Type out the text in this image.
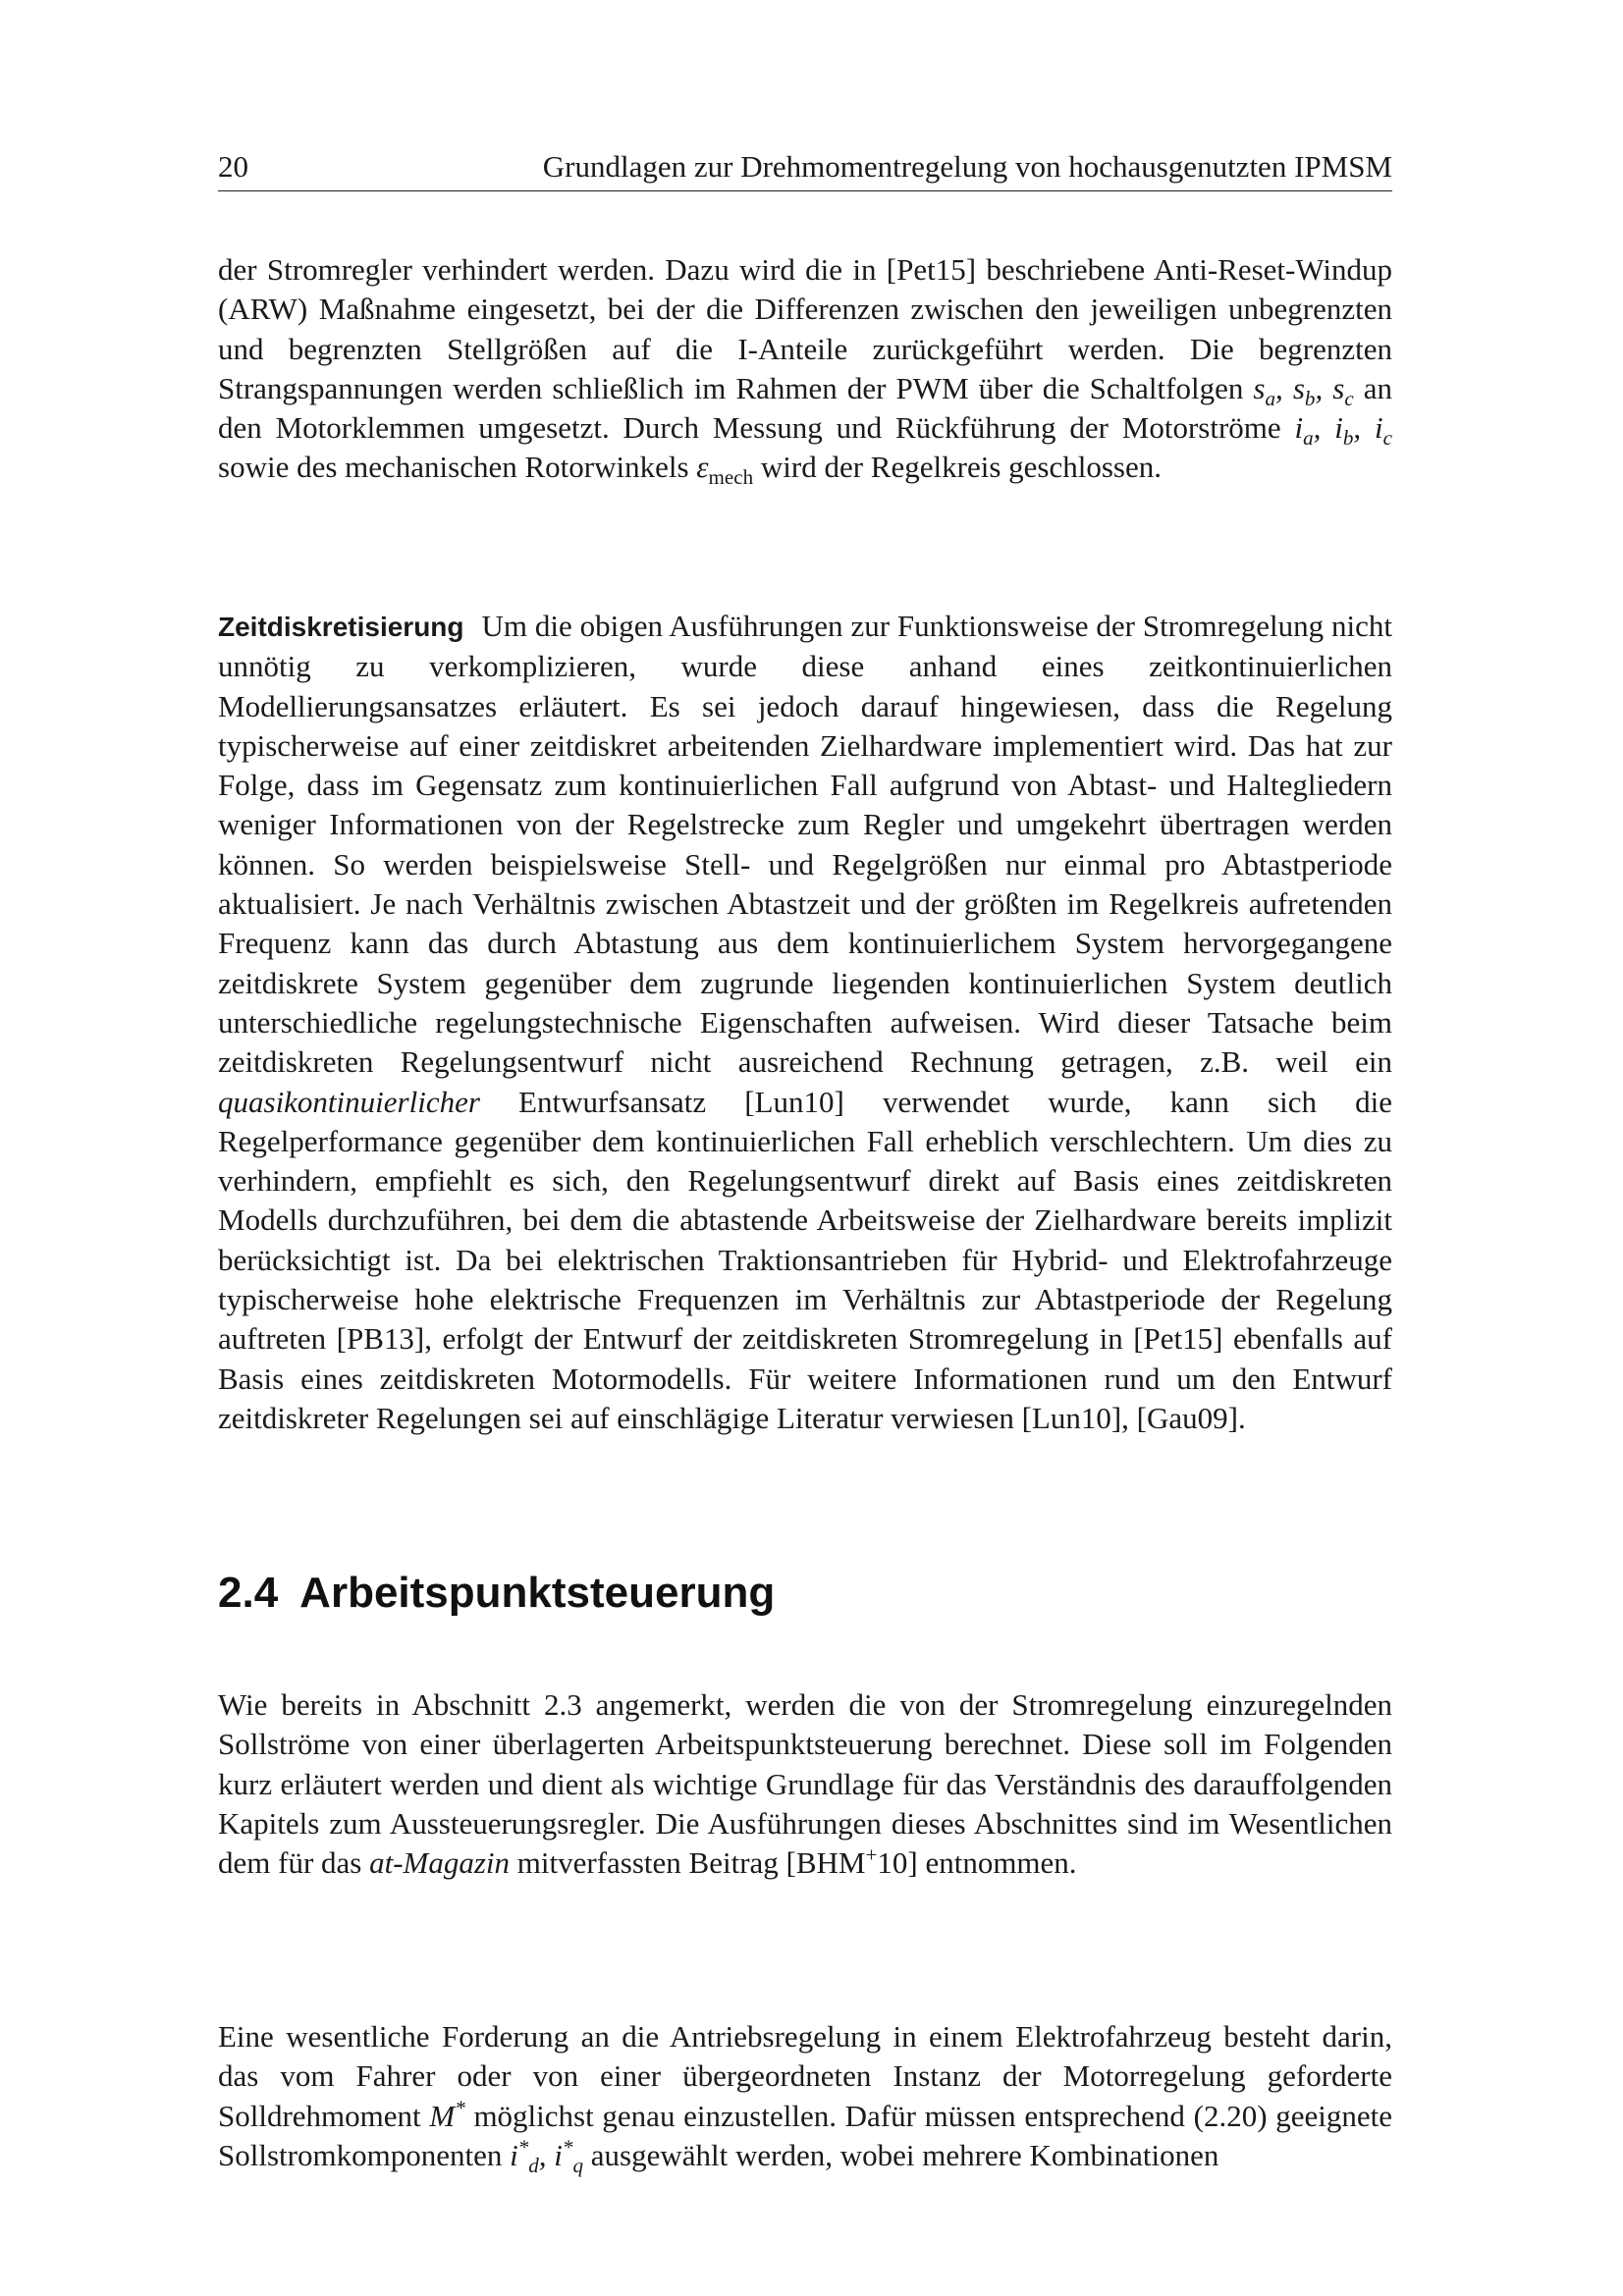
20	Grundlagen zur Drehmomentregelung von hochausgenutzten IPMSM

der Stromregler verhindert werden. Dazu wird die in [Pet15] beschriebene Anti-Reset-Windup (ARW) Maßnahme eingesetzt, bei der die Differenzen zwischen den jeweiligen unbegrenzten und begrenzten Stellgrößen auf die I-Anteile zurückgeführt werden. Die begrenzten Strangspannungen werden schließlich im Rahmen der PWM über die Schaltfolgen $s_a$, $s_b$, $s_c$ an den Motorklemmen umgesetzt. Durch Messung und Rückführung der Motorströme $i_a$, $i_b$, $i_c$ sowie des mechanischen Rotorwinkels $\varepsilon_{mech}$ wird der Regelkreis geschlossen.

Zeitdiskretisierung Um die obigen Ausführungen zur Funktionsweise der Stromregelung nicht unnötig zu verkomplizieren, wurde diese anhand eines zeitkontinuierlichen Modellierungsansatzes erläutert. Es sei jedoch darauf hingewiesen, dass die Regelung typischerweise auf einer zeitdiskret arbeitenden Zielhardware implementiert wird. Das hat zur Folge, dass im Gegensatz zum kontinuierlichen Fall aufgrund von Abtast- und Haltegliedern weniger Informationen von der Regelstrecke zum Regler und umgekehrt übertragen werden können. So werden beispielsweise Stell- und Regelgrößen nur einmal pro Abtastperiode aktualisiert. Je nach Verhältnis zwischen Abtastzeit und der größten im Regelkreis aufretenden Frequenz kann das durch Abtastung aus dem kontinuierlichem System hervorgegangene zeitdiskrete System gegenüber dem zugrunde liegenden kontinuierlichen System deutlich unterschiedliche regelungstechnische Eigenschaften aufweisen. Wird dieser Tatsache beim zeitdiskreten Regelungsentwurf nicht ausreichend Rechnung getragen, z.B. weil ein quasikontinuierlicher Entwurfsansatz [Lun10] verwendet wurde, kann sich die Regelperformance gegenüber dem kontinuierlichen Fall erheblich verschlechtern. Um dies zu verhindern, empfiehlt es sich, den Regelungsentwurf direkt auf Basis eines zeitdiskreten Modells durchzuführen, bei dem die abtastende Arbeitsweise der Zielhardware bereits implizit berücksichtigt ist. Da bei elektrischen Traktionsantrieben für Hybrid- und Elektrofahrzeuge typischerweise hohe elektrische Frequenzen im Verhältnis zur Abtastperiode der Regelung auftreten [PB13], erfolgt der Entwurf der zeitdiskreten Stromregelung in [Pet15] ebenfalls auf Basis eines zeitdiskreten Motormodells. Für weitere Informationen rund um den Entwurf zeitdiskreter Regelungen sei auf einschlägige Literatur verwiesen [Lun10], [Gau09].

2.4 Arbeitspunktsteuerung

Wie bereits in Abschnitt 2.3 angemerkt, werden die von der Stromregelung einzuregelnden Sollströme von einer überlagerten Arbeitspunktsteuerung berechnet. Diese soll im Folgenden kurz erläutert werden und dient als wichtige Grundlage für das Verständnis des darauffolgenden Kapitels zum Aussteuerungsregler. Die Ausführungen dieses Abschnittes sind im Wesentlichen dem für das at-Magazin mitverfassten Beitrag [BHM+10] entnommen.

Eine wesentliche Forderung an die Antriebsregelung in einem Elektrofahrzeug besteht darin, das vom Fahrer oder von einer übergeordneten Instanz der Motorregelung geforderte Solldrehmoment M* möglichst genau einzustellen. Dafür müssen entsprechend (2.20) geeignete Sollstromkomponenten $i^*_d$, $i^*_q$ ausgewählt werden, wobei mehrere Kombinationen
